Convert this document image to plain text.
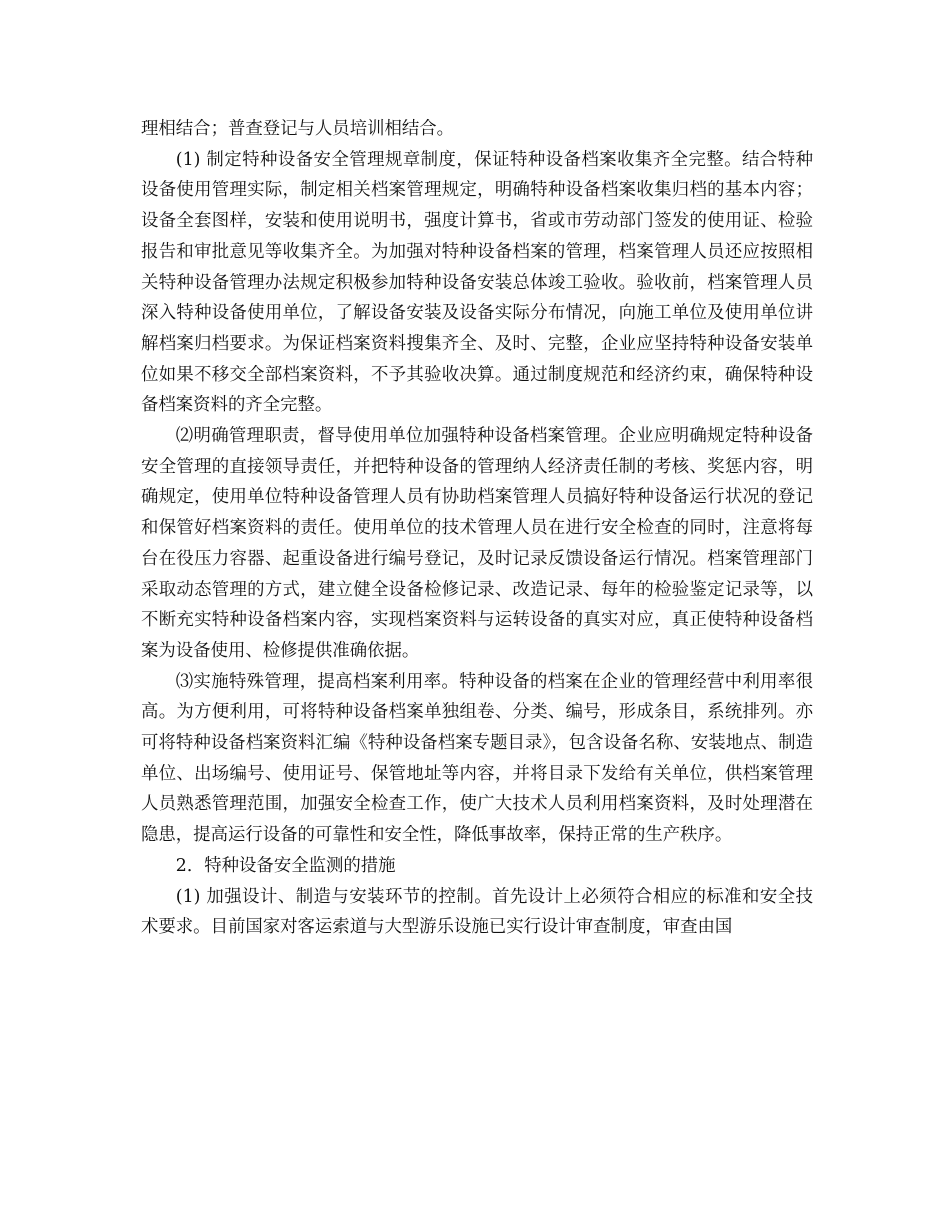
理相结合；普查登记与人员培训相结合。

(1) 制定特种设备安全管理规章制度，保证特种设备档案收集齐全完整。结合特种设备使用管理实际，制定相关档案管理规定，明确特种设备档案收集归档的基本内容；设备全套图样，安装和使用说明书，强度计算书，省或市劳动部门签发的使用证、检验报告和审批意见等收集齐全。为加强对特种设备档案的管理，档案管理人员还应按照相关特种设备管理办法规定积极参加特种设备安装总体竣工验收。验收前，档案管理人员深入特种设备使用单位，了解设备安装及设备实际分布情况，向施工单位及使用单位讲解档案归档要求。为保证档案资料搜集齐全、及时、完整，企业应坚持特种设备安装单位如果不移交全部档案资料，不予其验收决算。通过制度规范和经济约束，确保特种设备档案资料的齐全完整。

⑵明确管理职责，督导使用单位加强特种设备档案管理。企业应明确规定特种设备安全管理的直接领导责任，并把特种设备的管理纳人经济责任制的考核、奖惩内容，明确规定，使用单位特种设备管理人员有协助档案管理人员搞好特种设备运行状况的登记和保管好档案资料的责任。使用单位的技术管理人员在进行安全检查的同时，注意将每台在役压力容器、起重设备进行编号登记，及时记录反馈设备运行情况。档案管理部门采取动态管理的方式，建立健全设备检修记录、改造记录、每年的检验鉴定记录等，以不断充实特种设备档案内容，实现档案资料与运转设备的真实对应，真正使特种设备档案为设备使用、检修提供准确依据。

⑶实施特殊管理，提高档案利用率。特种设备的档案在企业的管理经营中利用率很高。为方便利用，可将特种设备档案单独组卷、分类、编号，形成条目，系统排列。亦可将特种设备档案资料汇编《特种设备档案专题目录》，包含设备名称、安装地点、制造单位、出场编号、使用证号、保管地址等内容，并将目录下发给有关单位，供档案管理人员熟悉管理范围，加强安全检查工作，使广大技术人员利用档案资料，及时处理潜在隐患，提高运行设备的可靠性和安全性，降低事故率，保持正常的生产秩序。

2．特种设备安全监测的措施

(1) 加强设计、制造与安装环节的控制。首先设计上必须符合相应的标准和安全技术要求。目前国家对客运索道与大型游乐设施已实行设计审查制度，审查由国
